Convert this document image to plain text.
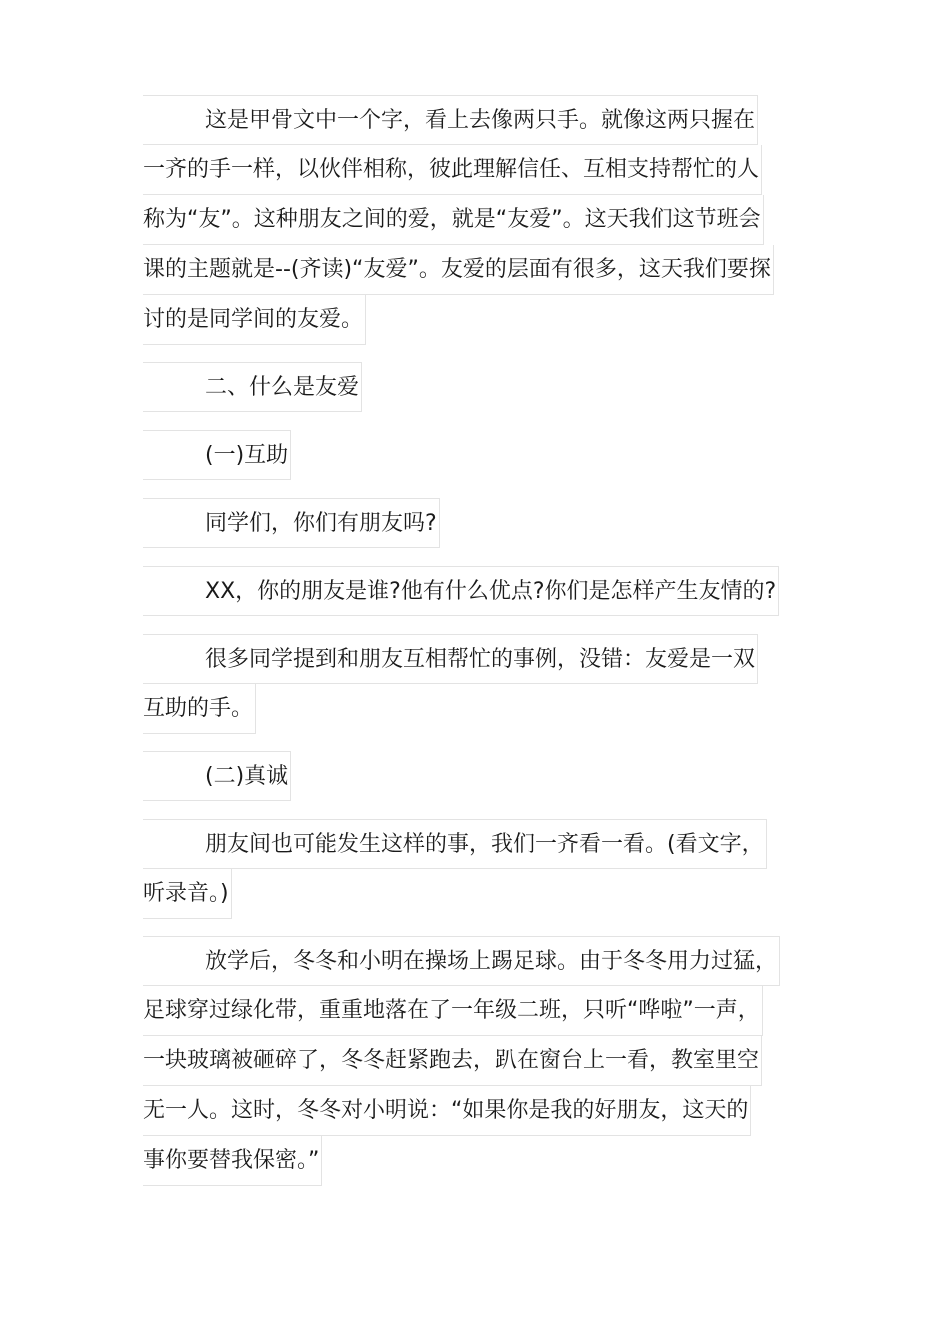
这是甲骨文中一个字，看上去像两只手。就像这两只握在
一齐的手一样，以伙伴相称，彼此理解信任、互相支持帮忙的人
称为“友”。这种朋友之间的爱，就是“友爱”。这天我们这节班会
课的主题就是--(齐读)“友爱”。友爱的层面有很多，这天我们要探
讨的是同学间的友爱。
二、什么是友爱
(一)互助
同学们，你们有朋友吗?
XX，你的朋友是谁?他有什么优点?你们是怎样产生友情的?
很多同学提到和朋友互相帮忙的事例，没错：友爱是一双
互助的手。
(二)真诚
朋友间也可能发生这样的事，我们一齐看一看。(看文字，
听录音。)
放学后，冬冬和小明在操场上踢足球。由于冬冬用力过猛，
足球穿过绿化带，重重地落在了一年级二班，只听“哗啦”一声，
一块玻璃被砸碎了，冬冬赶紧跑去，趴在窗台上一看，教室里空
无一人。这时，冬冬对小明说：“如果你是我的好朋友，这天的
事你要替我保密。”
